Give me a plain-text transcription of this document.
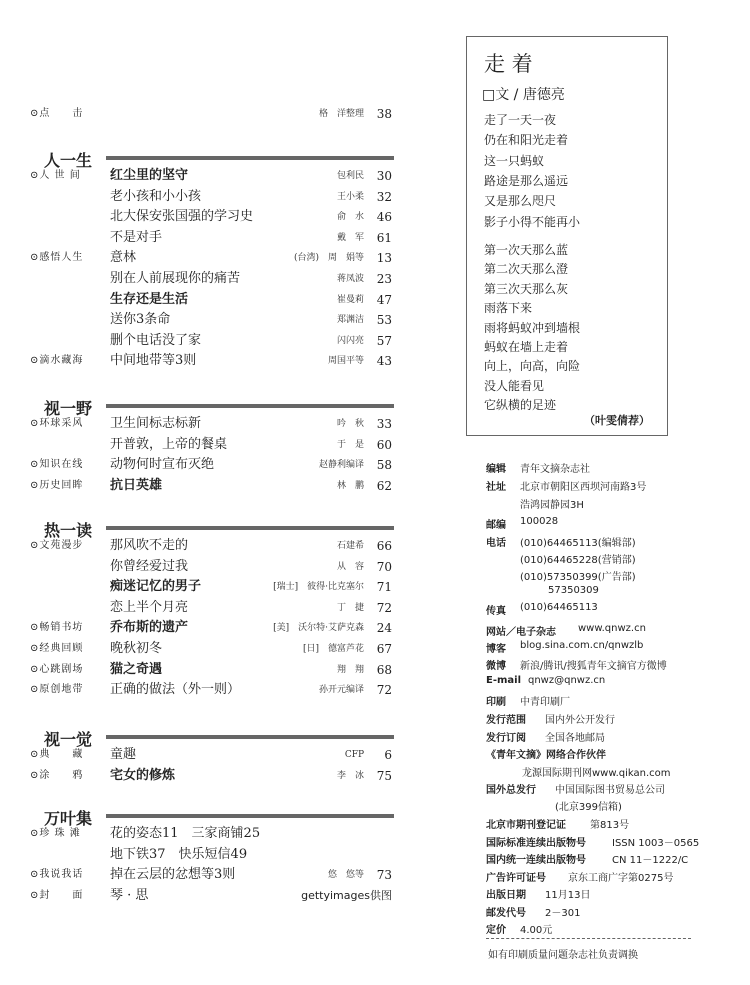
⊙点　　击	格　洋整理	38
人一生
⊙人 世 间 红尘里的坚守	包利民	30
老小孩和小小孩	王小柔	32
北大保安张国强的学习史	俞　水	46
不是对手	戴　军	61
⊙感悟人生 意林	(台湾)　周　娟等	13
别在人前展现你的痛苦	蒋凤波	23
生存还是生活	崔曼莉	47
送你3条命	郑渊洁	53
删个电话没了家	闪闪亮	57
⊙滴水藏海 中间地带等3则	周国平等	43
视一野
⊙环球采风 卫生间标志标新	吟　秋	33
开普敦，上帝的餐桌	于　是	60
⊙知识在线 动物何时宣布灭绝	赵静利编译	58
⊙历史回眸 抗日英雄	林　鹏	62
热一读
⊙文苑漫步 那风吹不走的	石建希	66
你曾经爱过我	从　容	70
痴迷记忆的男子	[瑞士]　彼得·比克塞尔	71
恋上半个月亮	丁　捷	72
⊙畅销书坊 乔布斯的遗产	[美]　沃尔特·艾萨克森	24
⊙经典回顾 晚秋初冬	[日]　德富芦花	67
⊙心跳剧场 猫之奇遇	翔　翔	68
⊙原创地带 正确的做法（外一则）	孙开元编译	72
视一觉
⊙典　　藏 童趣	CFP	6
⊙涂　　鸦 宅女的修炼	李　冰	75
万叶集
⊙珍 珠 滩 花的姿态11　三家商铺25
地下铁37　快乐短信49
⊙我说我话 掉在云层的忿想等3则	悠　悠等	73
⊙封　　面 琴 · 思	gettyimages供图
走 着
□文 / 唐德亮
走了一天一夜
仍在和阳光走着
这一只蚂蚁
路途是那么遥远
又是那么咫尺
影子小得不能再小
第一次天那么蓝
第二次天那么澄
第三次天那么灰
雨落下来
雨将蚂蚁冲到墙根
蚂蚁在墙上走着
向上，向高，向险
没人能看见
它纵横的足迹
（叶雯倩荐）
编辑 青年文摘杂志社
社址 北京市朝阳区西坝河南路3号
浩鸿园静园3H
邮编 100028
电话 (010)64465113(编辑部)
(010)64465228(营销部)
(010)57350399(广告部)
57350309
传真 (010)64465113
网站／电子杂志 www.qnwz.cn
博客 blog.sina.com.cn/qnwzlb
微博 新浪/腾讯/搜狐青年文摘官方微博
E-mail qnwz@qnwz.cn
印刷 中青印刷厂
发行范围 国内外公开发行
发行订阅 全国各地邮局
《青年文摘》网络合作伙伴
龙源国际期刊网www.qikan.com
国外总发行 中国国际图书贸易总公司
(北京399信箱)
北京市期刊登记证 第813号
国际标准连续出版物号	ISSN 1003－0565
国内统一连续出版物号	CN 11－1222/C
广告许可证号 京东工商广字第0275号
出版日期 11月13日
邮发代号 2－301
定价 4.00元
如有印刷质量问题杂志社负责调换
